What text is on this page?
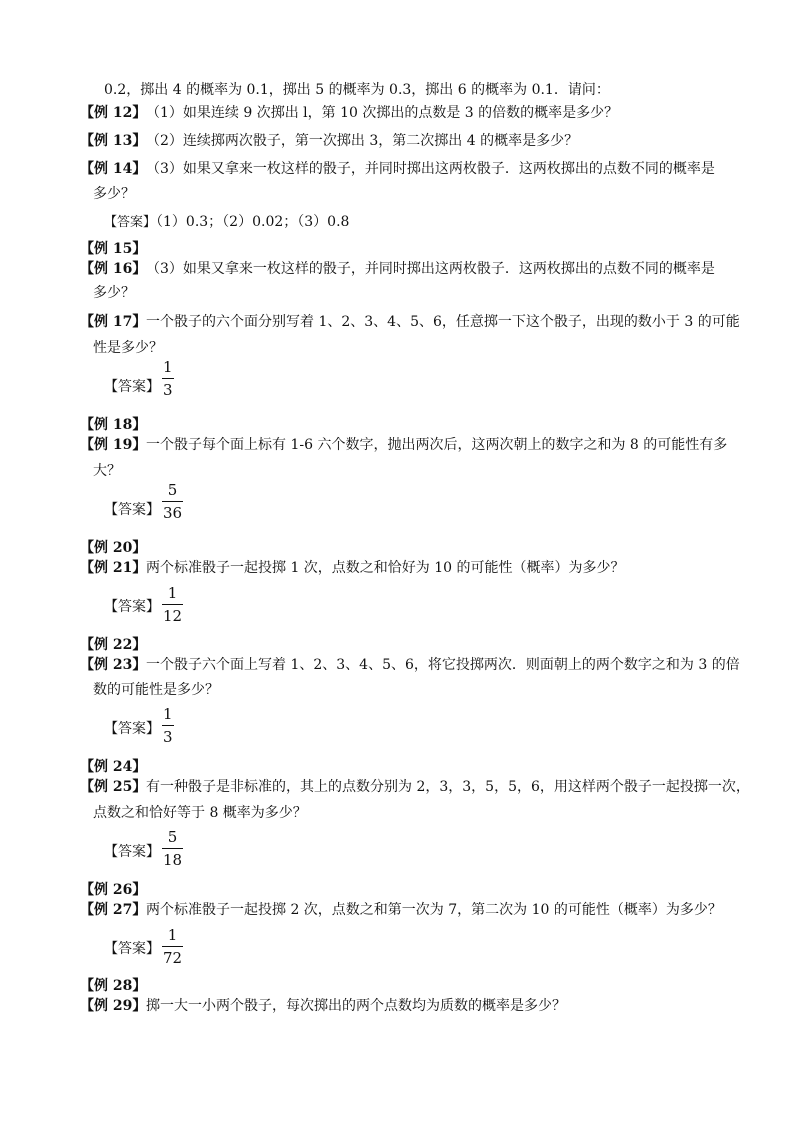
0.2，掷出 4 的概率为 0.1，掷出 5 的概率为 0.3，掷出 6 的概率为 0.1．请问：
【例 12】 （1）如果连续 9 次掷出 l，第 10 次掷出的点数是 3 的倍数的概率是多少？
【例 13】 （2）连续掷两次骰子，第一次掷出 3，第二次掷出 4 的概率是多少？
【例 14】 （3）如果又拿来一枚这样的骰子，并同时掷出这两枚骰子．这两枚掷出的点数不同的概率是
多少？
【答案】（1）0.3；（2）0.02；（3）0.8
【例 15】
【例 16】 （3）如果又拿来一枚这样的骰子，并同时掷出这两枚骰子．这两枚掷出的点数不同的概率是
多少？
【例 17】 一个骰子的六个面分别写着 1、2、3、4、5、6，任意掷一下这个骰子，出现的数小于 3 的可能
性是多少？
【答案】
1
3
【例 18】
【例 19】 一个骰子每个面上标有 1-6 六个数字，抛出两次后，这两次朝上的数字之和为 8 的可能性有多
大？
【答案】
5
36
【例 20】
【例 21】 两个标准骰子一起投掷 1 次，点数之和恰好为 10 的可能性（概率）为多少？
【答案】
1
12
【例 22】
【例 23】 一个骰子六个面上写着 1、2、3、4、5、6，将它投掷两次．则面朝上的两个数字之和为 3 的倍
数的可能性是多少？
【答案】
1
3
【例 24】
【例 25】 有一种骰子是非标准的，其上的点数分别为 2，3，3，5，5，6，用这样两个骰子一起投掷一次，
点数之和恰好等于 8 概率为多少？
【答案】
5
18
【例 26】
【例 27】 两个标准骰子一起投掷 2 次，点数之和第一次为 7，第二次为 10 的可能性（概率）为多少？
【答案】
1
72
【例 28】
【例 29】 掷一大一小两个骰子，每次掷出的两个点数均为质数的概率是多少？
